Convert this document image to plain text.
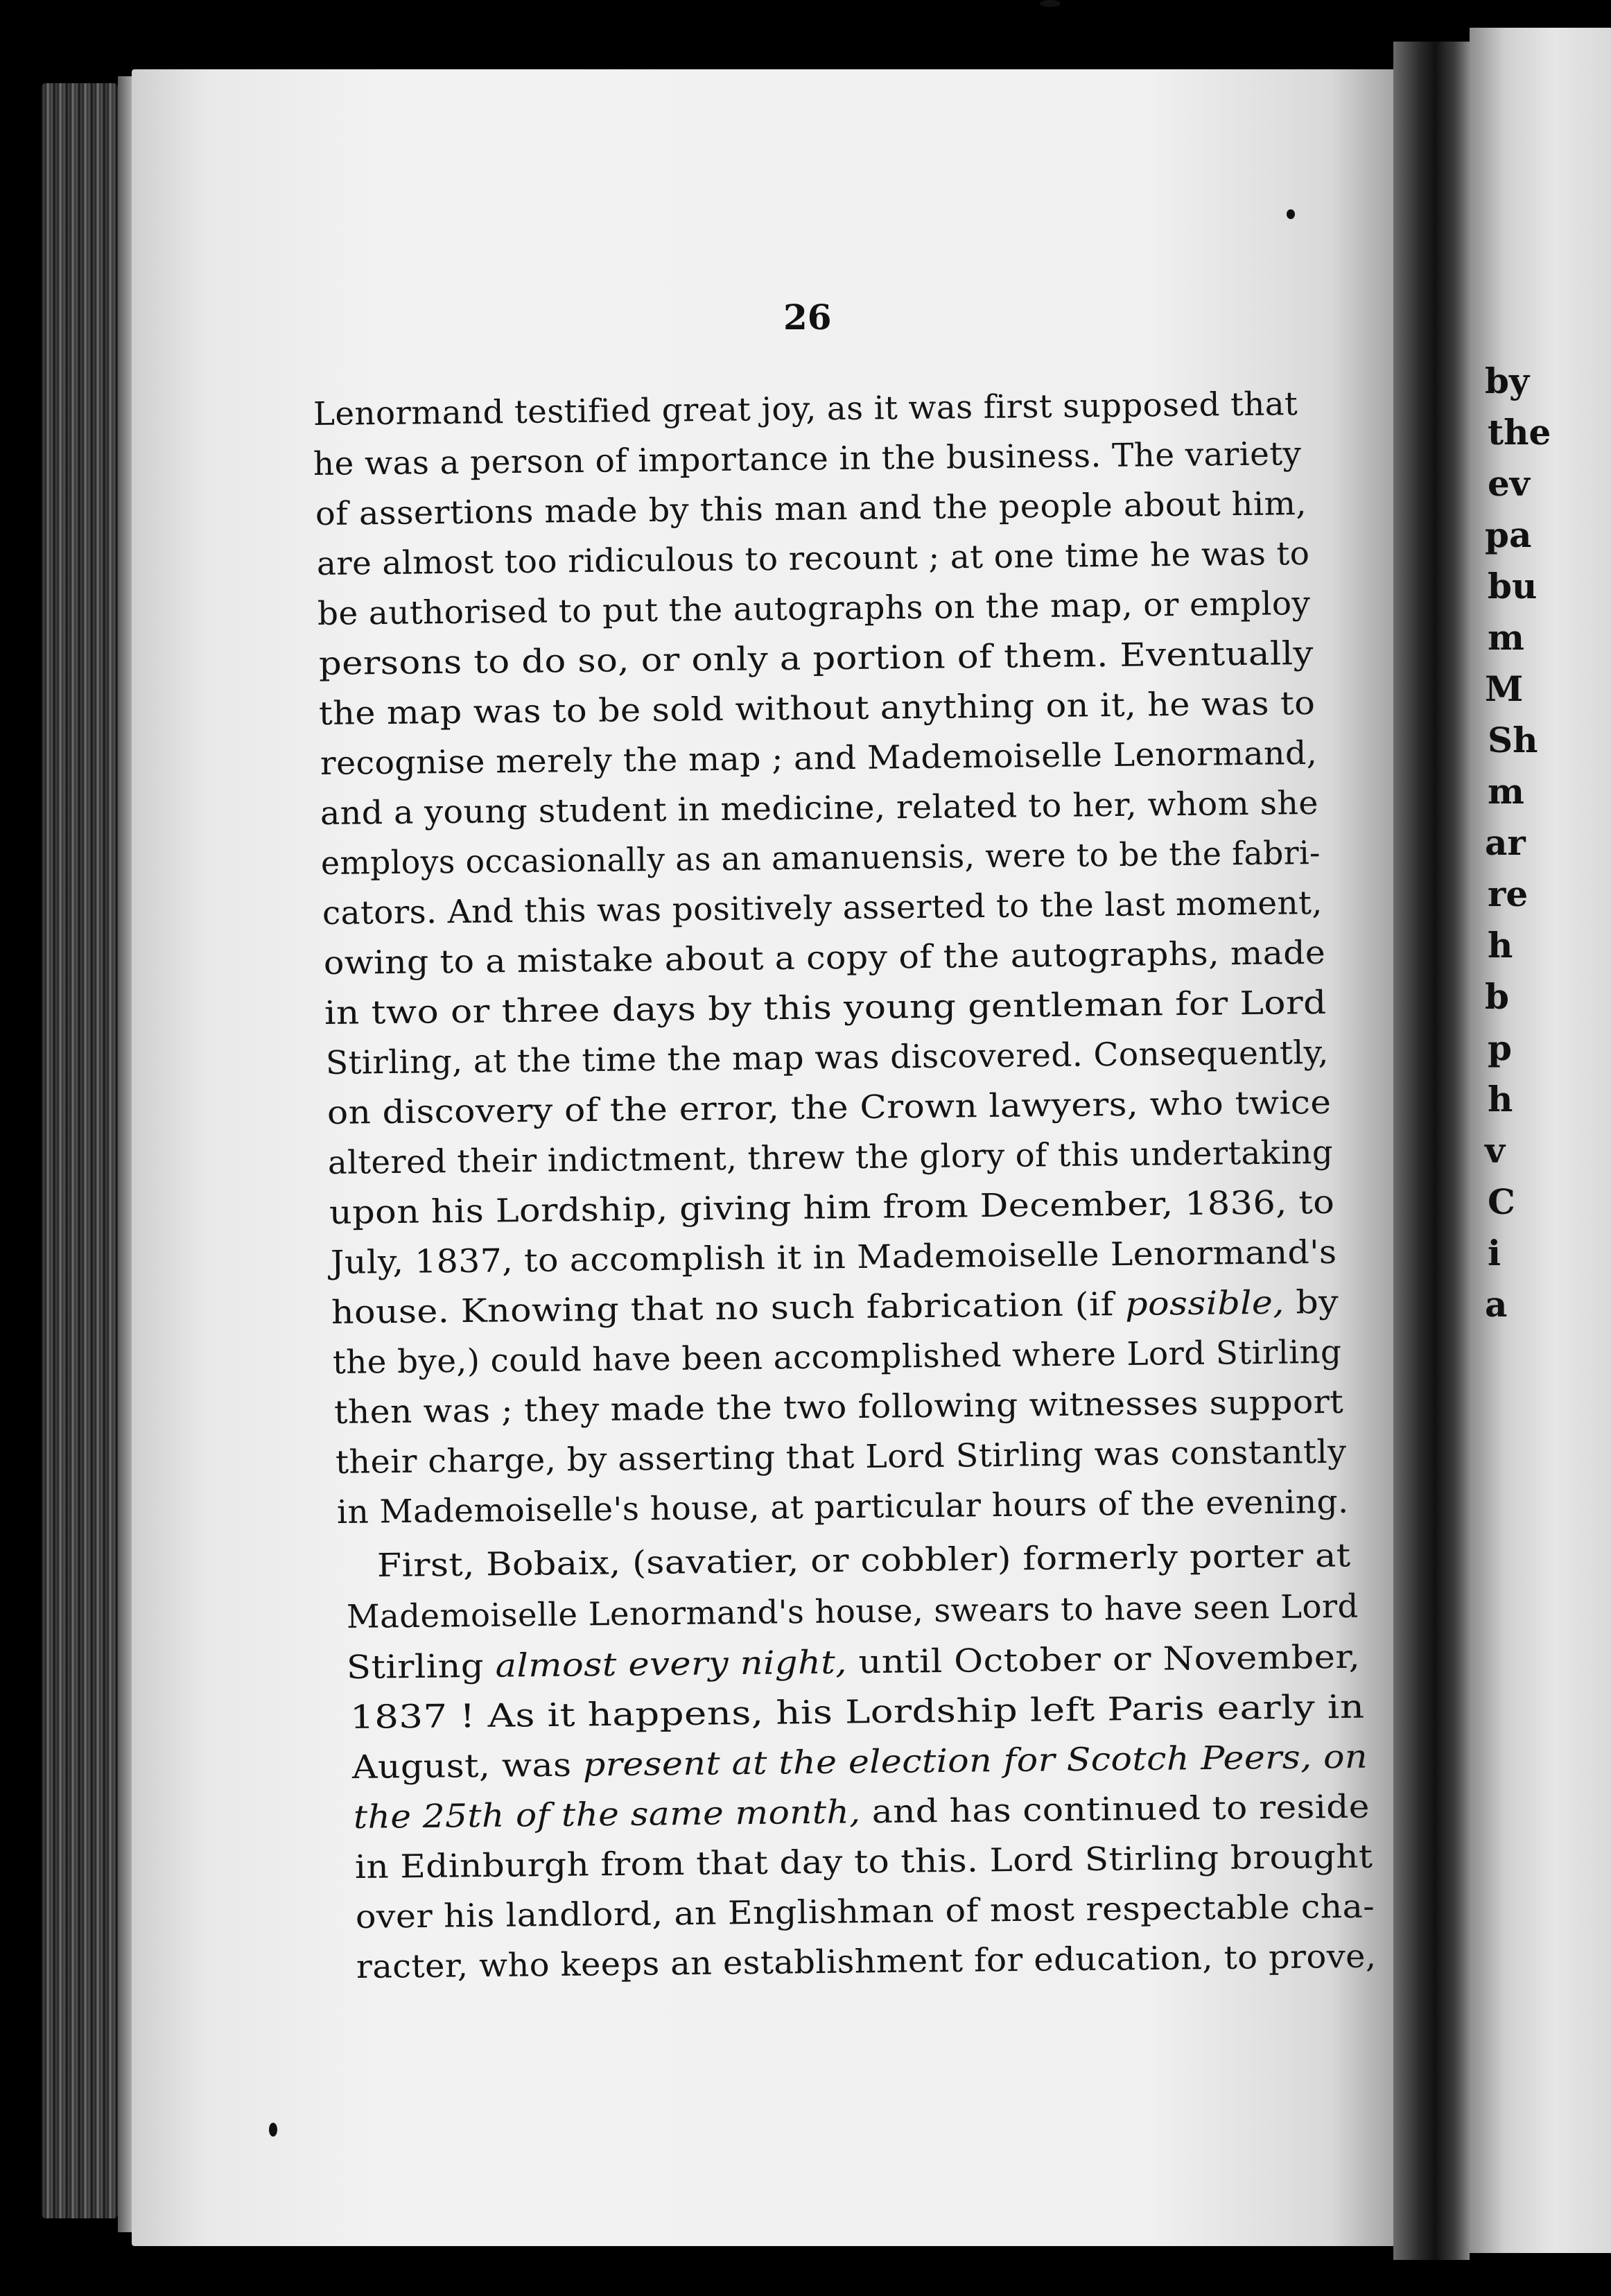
by
the
ev
pa
bu
m
M
Sh
m
ar
re
h
b
p
h
v
C
i
a
26
Lenormand testified great joy, as it was first supposed that
he was a person of importance in the business. The variety
of assertions made by this man and the people about him,
are almost too ridiculous to recount ; at one time he was to
be authorised to put the autographs on the map, or employ
persons to do so, or only a portion of them. Eventually
the map was to be sold without anything on it, he was to
recognise merely the map ; and Mademoiselle Lenormand,
and a young student in medicine, related to her, whom she
employs occasionally as an amanuensis, were to be the fabri-
cators. And this was positively asserted to the last moment,
owing to a mistake about a copy of the autographs, made
in two or three days by this young gentleman for Lord
Stirling, at the time the map was discovered. Consequently,
on discovery of the error, the Crown lawyers, who twice
altered their indictment, threw the glory of this undertaking
upon his Lordship, giving him from December, 1836, to
July, 1837, to accomplish it in Mademoiselle Lenormand's
house. Knowing that no such fabrication (if possible, by
the bye,) could have been accomplished where Lord Stirling
then was ; they made the two following witnesses support
their charge, by asserting that Lord Stirling was constantly
in Mademoiselle's house, at particular hours of the evening.
First, Bobaix, (savatier, or cobbler) formerly porter at
Mademoiselle Lenormand's house, swears to have seen Lord
Stirling almost every night, until October or November,
1837 ! As it happens, his Lordship left Paris early in
August, was present at the election for Scotch Peers, on
the 25th of the same month, and has continued to reside
in Edinburgh from that day to this. Lord Stirling brought
over his landlord, an Englishman of most respectable cha-
racter, who keeps an establishment for education, to prove,
